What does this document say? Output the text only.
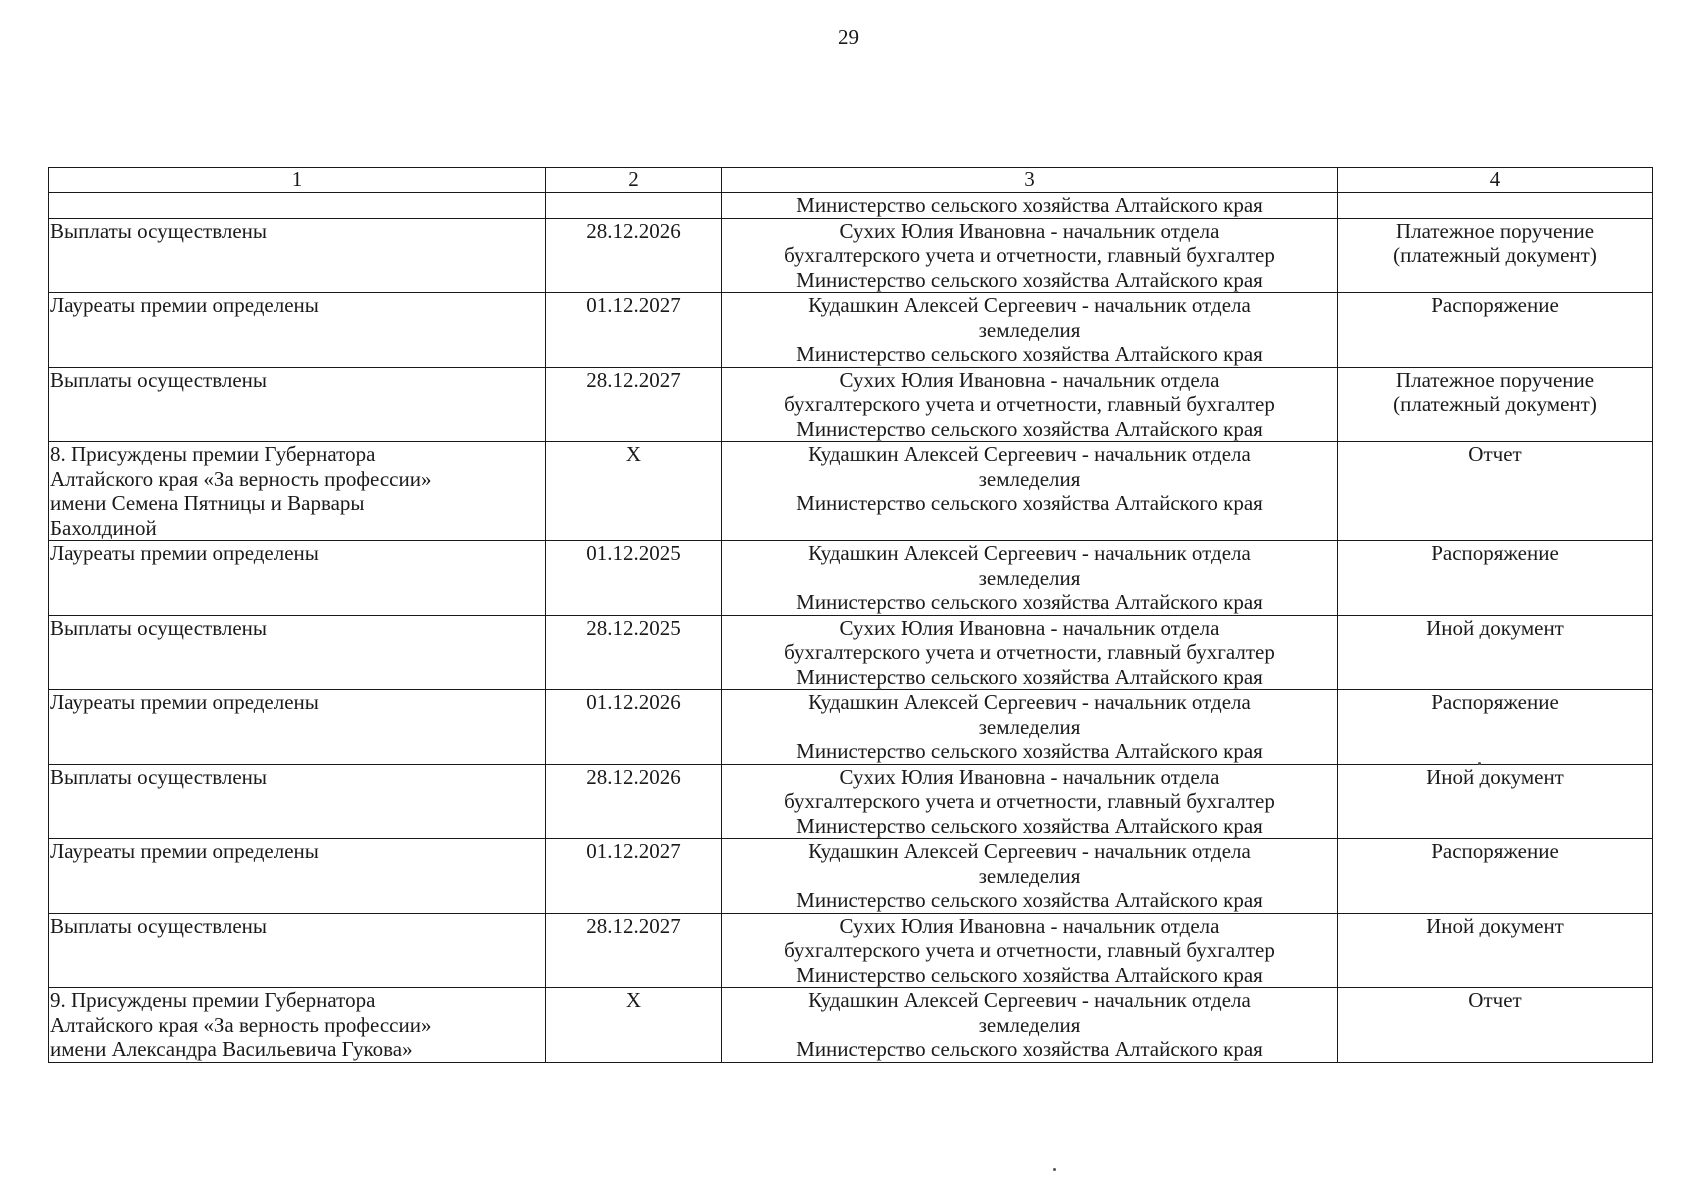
29
1	2	3	4

		Министерство сельского хозяйства Алтайского края	

Выплаты осуществлены	28.12.2026	Сухих Юлия Ивановна - начальник отдела
бухгалтерского учета и отчетности, главный бухгалтер
Министерство сельского хозяйства Алтайского края	Платежное поручение
(платежный документ)

Лауреаты премии определены	01.12.2027	Кудашкин Алексей Сергеевич - начальник отдела
земледелия
Министерство сельского хозяйства Алтайского края	Распоряжение

Выплаты осуществлены	28.12.2027	Сухих Юлия Ивановна - начальник отдела
бухгалтерского учета и отчетности, главный бухгалтер
Министерство сельского хозяйства Алтайского края	Платежное поручение
(платежный документ)

8. Присуждены премии Губернатора
Алтайского края «За верность профессии»
имени Семена Пятницы и Варвары
Бахолдиной	Х	Кудашкин Алексей Сергеевич - начальник отдела
земледелия
Министерство сельского хозяйства Алтайского края	Отчет

Лауреаты премии определены	01.12.2025	Кудашкин Алексей Сергеевич - начальник отдела
земледелия
Министерство сельского хозяйства Алтайского края	Распоряжение

Выплаты осуществлены	28.12.2025	Сухих Юлия Ивановна - начальник отдела
бухгалтерского учета и отчетности, главный бухгалтер
Министерство сельского хозяйства Алтайского края	Иной документ

Лауреаты премии определены	01.12.2026	Кудашкин Алексей Сергеевич - начальник отдела
земледелия
Министерство сельского хозяйства Алтайского края	Распоряжение

Выплаты осуществлены	28.12.2026	Сухих Юлия Ивановна - начальник отдела
бухгалтерского учета и отчетности, главный бухгалтер
Министерство сельского хозяйства Алтайского края	Иной документ

Лауреаты премии определены	01.12.2027	Кудашкин Алексей Сергеевич - начальник отдела
земледелия
Министерство сельского хозяйства Алтайского края	Распоряжение

Выплаты осуществлены	28.12.2027	Сухих Юлия Ивановна - начальник отдела
бухгалтерского учета и отчетности, главный бухгалтер
Министерство сельского хозяйства Алтайского края	Иной документ

9. Присуждены премии Губернатора
Алтайского края «За верность профессии»
имени Александра Васильевича Гукова»	Х	Кудашкин Алексей Сергеевич - начальник отдела
земледелия
Министерство сельского хозяйства Алтайского края	Отчет
